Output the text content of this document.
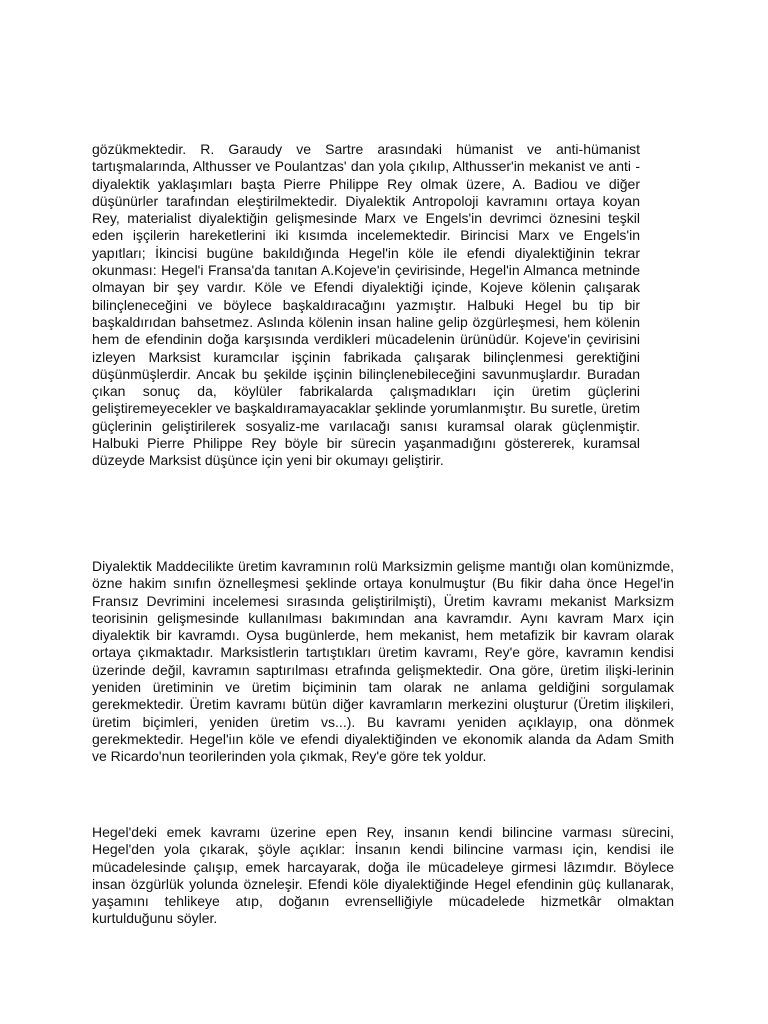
gözükmektedir. R. Garaudy ve Sartre arasındaki hümanist ve anti-hümanist tartışmalarında, Althusser ve Poulantzas' dan yola çıkılıp, Althusser'in mekanist ve anti - diyalektik yaklaşımları başta Pierre Philippe Rey olmak üzere, A. Badiou ve diğer düşünürler tarafından eleştirilmektedir. Diyalektik Antropoloji kavramını ortaya koyan Rey, materialist diyalektiğin gelişmesinde Marx ve Engels'in devrimci öznesini teşkil eden işçilerin hareketlerini iki kısımda incelemektedir. Birincisi Marx ve Engels'in yapıtları; İkincisi bugüne bakıldığında Hegel'in köle ile efendi diyalektiğinin tekrar okunması: Hegel'i Fransa'da tanıtan A.Kojeve'in çevirisinde, Hegel'in Almanca metninde olmayan bir şey vardır. Köle ve Efendi diyalektiği içinde, Kojeve kölenin çalışarak bilinçleneceğini ve böylece başkaldıracağını yazmıştır. Halbuki Hegel bu tip bir başkaldırıdan bahsetmez. Aslında kölenin insan haline gelip özgürleşmesi, hem kölenin hem de efendinin doğa karşısında verdikleri mücadelenin ürünüdür. Kojeve'in çevirisini izleyen Marksist kuramcılar işçinin fabrikada çalışarak bilinçlenmesi gerektiğini düşünmüşlerdir. Ancak bu şekilde işçinin bilinçlenebileceğini savunmuşlardır. Buradan çıkan sonuç da, köylüler fabrikalarda çalışmadıkları için üretim güçlerini geliştiremeyecekler ve başkaldıramayacaklar şeklinde yorumlanmıştır. Bu suretle, üretim güçlerinin geliştirilerek sosyaliz-me varılacağı sanısı kuramsal olarak güçlenmiştir. Halbuki Pierre Philippe Rey böyle bir sürecin yaşanmadığını göstererek, kuramsal düzeyde Marksist düşünce için yeni bir okumayı geliştirir.

Diyalektik Maddecilikte üretim kavramının rolü Marksizmin gelişme mantığı olan komünizmde, özne hakim sınıfın öznelleşmesi şeklinde ortaya konulmuştur (Bu fikir daha önce Hegel'in Fransız Devrimini incelemesi sırasında geliştirilmişti), Üretim kavramı mekanist Marksizm teorisinin gelişmesinde kullanılması bakımından ana kavramdır. Aynı kavram Marx için diyalektik bir kavramdı. Oysa bugünlerde, hem mekanist, hem metafizik bir kavram olarak ortaya çıkmaktadır. Marksistlerin tartıştıkları üretim kavramı, Rey'e göre, kavramın kendisi üzerinde değil, kavramın saptırılması etrafında gelişmektedir. Ona göre, üretim ilişki-lerinin yeniden üretiminin ve üretim biçiminin tam olarak ne anlama geldiğini sorgulamak gerekmektedir. Üretim kavramı bütün diğer kavramların merkezini oluşturur (Üretim ilişkileri, üretim biçimleri, yeniden üretim vs...). Bu kavramı yeniden açıklayıp, ona dönmek gerekmektedir. Hegel'iın köle ve efendi diyalektiğinden ve ekonomik alanda da Adam Smith ve Ricardo'nun teorilerinden yola çıkmak, Rey'e göre tek yoldur.

Hegel'deki emek kavramı üzerine epen Rey, insanın kendi bilincine varması sürecini, Hegel'den yola çıkarak, şöyle açıklar: İnsanın kendi bilincine varması için, kendisi ile mücadelesinde çalışıp, emek harcayarak, doğa ile mücadeleye girmesi lâzımdır. Böylece insan özgürlük yolunda özneleşir. Efendi köle diyalektiğinde Hegel efendinin güç kullanarak, yaşamını tehlikeye atıp, doğanın evrenselliğiyle mücadelede hizmetkâr olmaktan kurtulduğunu söyler.
